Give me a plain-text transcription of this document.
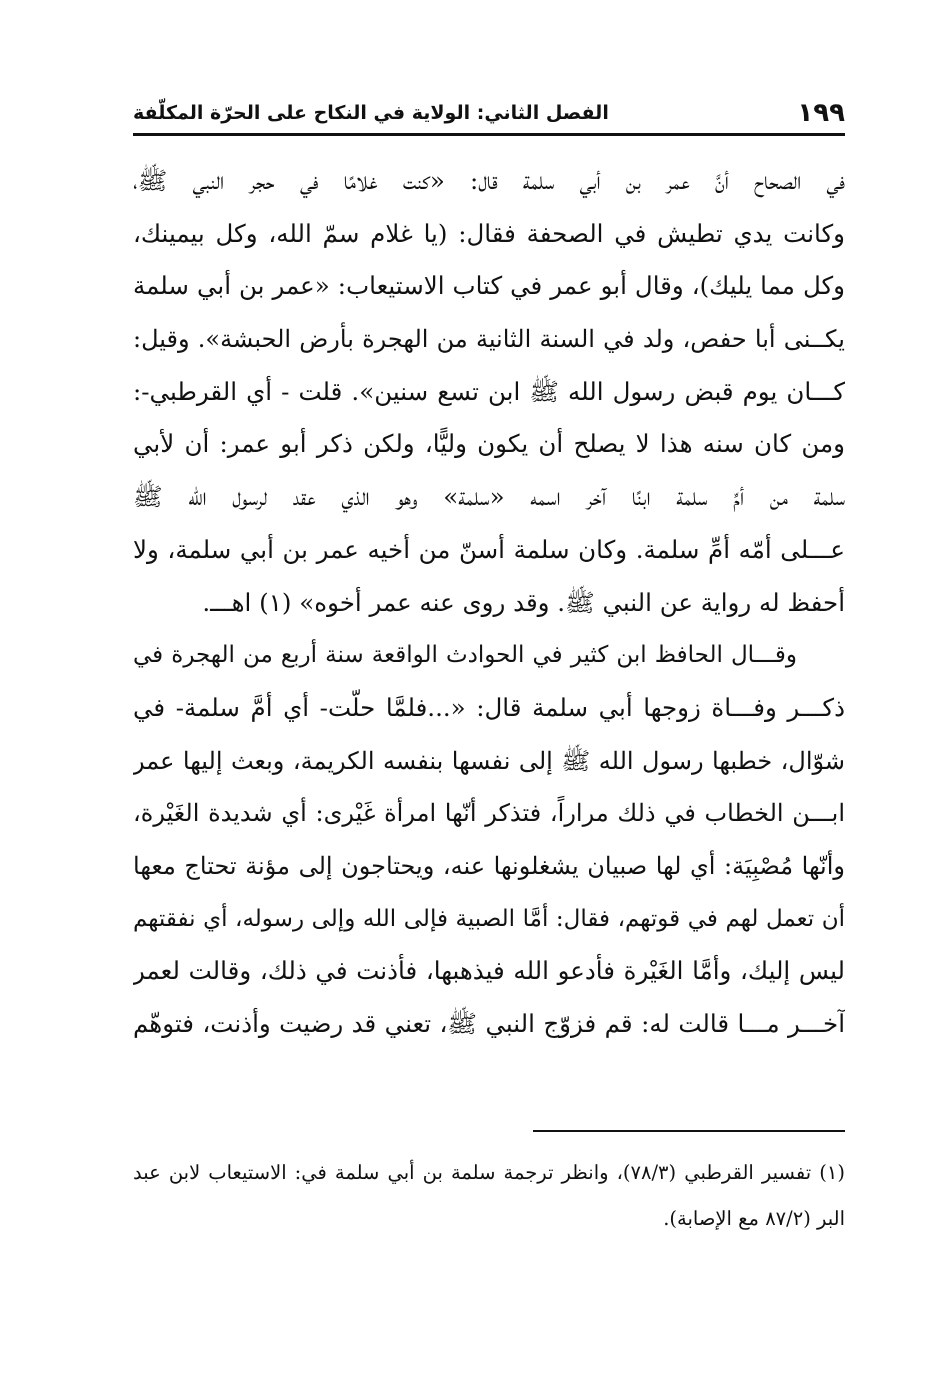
١٩٩
الفصل الثاني: الولاية في النكاح على الحرّة المكلّفة
في الصحاح أنَّ عمر بن أبي سلمة قال: «كنت غلامًا في حجر النبي ﷺ،
وكانت يدي تطيش في الصحفة فقال: (يا غلام سمّ الله، وكل بيمينك،
وكل مما يليك)، وقال أبو عمر في كتاب الاستيعاب: «عمر بن أبي سلمة
يكــنى أبا حفص، ولد في السنة الثانية من الهجرة بأرض الحبشة». وقيل:
كـــان يوم قبض رسول الله ﷺ ابن تسع سنين». قلت - أي القرطبي-:
ومن كان سنه هذا لا يصلح أن يكون وليًّا، ولكن ذكر أبو عمر: أن لأبي
سلمة من أمِّ سلمة ابنًا آخر اسمه «سلمة» وهو الذي عقد لرسول الله ﷺ
عـــلى أمّه أمِّ سلمة. وكان سلمة أسنّ من أخيه عمر بن أبي سلمة، ولا
أحفظ له رواية عن النبي ﷺ. وقد روى عنه عمر أخوه» (١) اهـــ.
وقـــال الحافظ ابن كثير في الحوادث الواقعة سنة أربع من الهجرة في
ذكـــر وفـــاة زوجها أبي سلمة قال: «...فلمَّا حلّت- أي أمَّ سلمة- في
شوّال، خطبها رسول الله ﷺ إلى نفسها بنفسه الكريمة، وبعث إليها عمر
ابـــن الخطاب في ذلك مراراً، فتذكر أنّها امرأة غَيْرى: أي شديدة الغَيْرة،
وأنّها مُصْبِيَة: أي لها صبيان يشغلونها عنه، ويحتاجون إلى مؤنة تحتاج معها
أن تعمل لهم في قوتهم، فقال: أمَّا الصبية فإلى الله وإلى رسوله، أي نفقتهم
ليس إليك، وأمَّا الغَيْرة فأدعو الله فيذهبها، فأذنت في ذلك، وقالت لعمر
آخـــر مـــا قالت له: قم فزوّج النبي ﷺ، تعني قد رضيت وأذنت، فتوهّم
(١) تفسير القرطبي (٧٨/٣)، وانظر ترجمة سلمة بن أبي سلمة في: الاستيعاب لابن عبد
البر (٨٧/٢ مع الإصابة).
